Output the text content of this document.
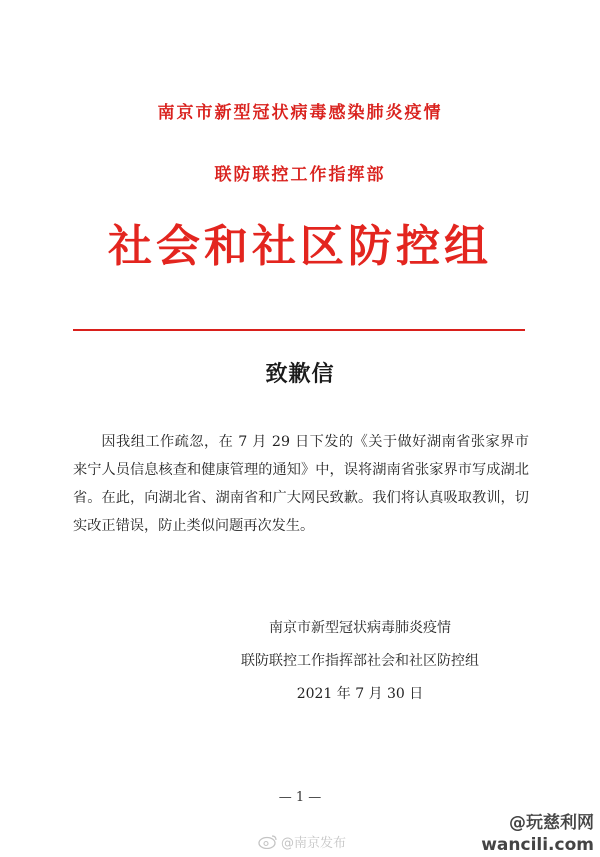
南京市新型冠状病毒感染肺炎疫情
联防联控工作指挥部
社会和社区防控组
致歉信

因我组工作疏忽，在 7 月 29 日下发的《关于做好湖南省张家界市来宁人员信息核查和健康管理的通知》中，误将湖南省张家界市写成湖北省。在此，向湖北省、湖南省和广大网民致歉。我们将认真吸取教训，切实改正错误，防止类似问题再次发生。

南京市新型冠状病毒肺炎疫情
联防联控工作指挥部社会和社区防控组
2021 年 7 月 30 日
— 1 —
@南京发布
@玩慈利网
wancili.com
